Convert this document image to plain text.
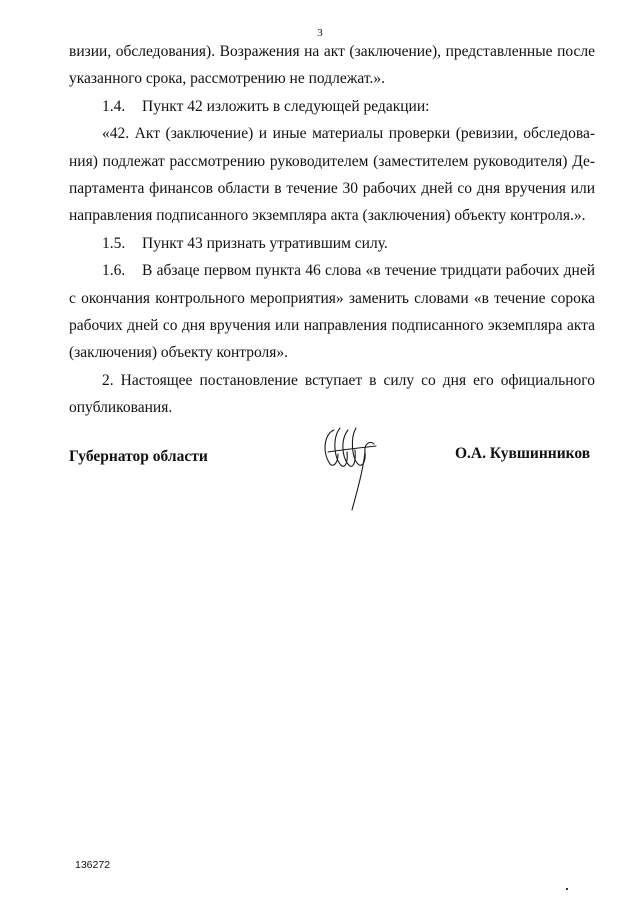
3

визии, обследования). Возражения на акт (заключение), представленные после указанного срока, рассмотрению не подлежат.».

1.4. Пункт 42 изложить в следующей редакции:

«42. Акт (заключение) и иные материалы проверки (ревизии, обследова- ния) подлежат рассмотрению руководителем (заместителем руководителя) Де- партамента финансов области в течение 30 рабочих дней со дня вручения или направления подписанного экземпляра акта (заключения) объекту контроля.».

1.5. Пункт 43 признать утратившим силу.

1.6. В абзаце первом пункта 46 слова «в течение тридцати рабочих дней с окончания контрольного мероприятия» заменить словами «в течение сорока рабочих дней со дня вручения или направления подписанного экземпляра акта (заключения) объекту контроля».

2. Настоящее постановление вступает в силу со дня его официального опубликования.

Губернатор области	О.А. Кувшинников
136272
